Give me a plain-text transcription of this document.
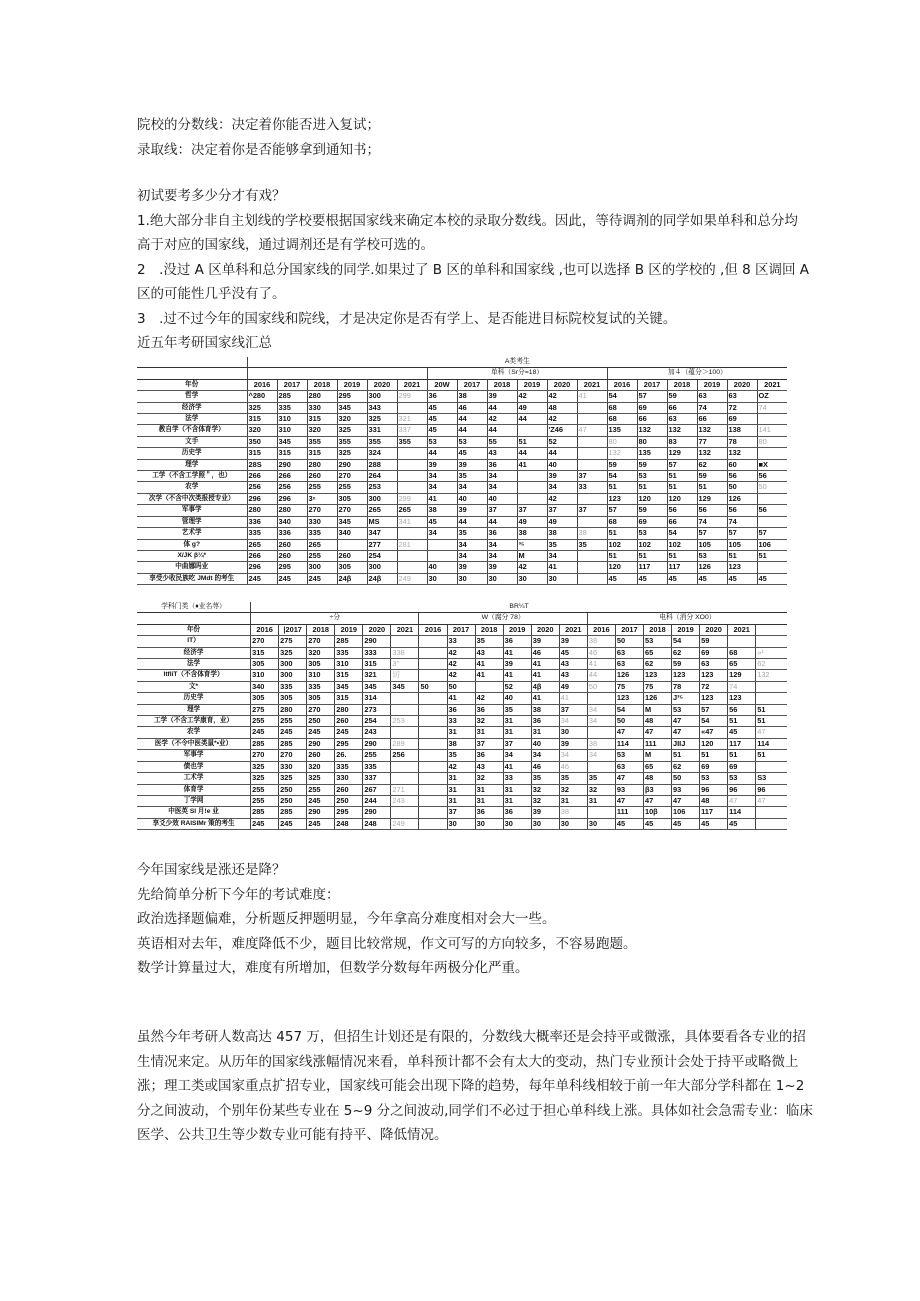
院校的分数线：决定着你能否进入复试；
录取线：决定着你是否能够拿到通知书；
初试要考多少分才有戏？
1.绝大部分非自主划线的学校要根据国家线来确定本校的录取分数线。因此，等待调剂的同学如果单科和总分均
高于对应的国家线，通过调剂还是有学校可选的。
2　.没过 A 区单科和总分国家线的同学.如果过了 B 区的单科和国家线 ,也可以选择 B 区的学校的 ,但 8 区调回 A
区的可能性几乎没有了。
3　.过不过今年的国家线和院线，才是决定你是否有学上、是否能进目标院校复试的关键。
近五年考研国家线汇总
	A类考生																	
							单科（Sr分=18）						加４（蕴分＞100）					
年份	2016	2017	2018	2019	2020	2021	20W	2017	2018	2019	2020	2021	2016	2017	2018	2019	2020	2021
哲学	^280	285	280	295	300	299	36	38	39	42	42	41	54	57	59	63	63	OZ
经济学	325	335	330	345	343		45	46	44	49	48		68	69	66	74	72	74
法学	315	310	315	320	325	321	45	44	42	44	42		68	66	63	66	69	
教自学（不含体育学）	320	310	320	325	331	337	45	44	44		'Z46	47	135	132	132	132	138	141
文手	350	345	355	355	355	355	53	53	55	51	52		80	80	83	77	78	80
历史学	315	315	315	325	324		44	45	43	44	44		132	135	129	132	132	
理学	28S	290	280	290	288		39	39	36	41	40		59	59	57	62	60	■X
工学（不含工学照＂，也）	266	266	260	270	264		34	35	34		39	37	54	53	51	59	56	56
农学	256	256	255	255	253		34	34	34		34	33	51	51	51	51	50	50
次学（不含中次类报授专业）	296	296	3ⁿ	305	300	299	41	40	40		42		123	120	120	129	126	
军事学	280	280	270	270	265	265	38	39	37	37	37	37	57	59	56	56	56	56
管理学	336	340	330	345	MS	341	45	44	44	49	49		68	69	66	74	74	
艺术学	335	336	335	340	347		34	35	36	38	38	38	51	53	54	57	57	57
体 g?	265	260	265		277	281		34	34	³⁵	35	35	102	102	102	105	105	106
X/JK β¼*	266	260	255	260	254			34	34	M	34		51	51	51	53	51	51
中曲娜吗业	296	295	300	305	300		40	39	39	42	41		120	117	117	126	123	
享受少收民族吃 JMdt 的考生	245	245	245	24β	24β	249	30	30	30	30	30		45	45	45	45	45	45
学科门类（♦业名荨）	BR¼T																		
	÷分						W（腐分 78）						电科（消分 XO0）						
年份	2016	|2017	2018	2019	2020	2021	2016	2017	2018	2019	2020	2021	2016	2017	2018	2019	2020	2021	
IT）	270	275	270	285	290			33	35	36	39	39	38	50	53	54	59		
经济学	315	325	320	335	333	338		42	43	41	46	45	46	63	65	62	69	68	»¹
法学	305	300	305	310	315	3''		42	41	39	41	43	41	63	62	59	63	65	62
ItfliT（不含体育学）	310	300	310	315	321	切		42	41	41	41	43	44	126	123	123	123	129	132
文*	340	335	335	345	345	345	50	50		52	4β	49	50	75	75	78	72	74	
历史学	305	305	305	315	314			41	42	40	41	41		123	126	J³⁵	123	123	
理学	275	280	270	280	273			36	36	35	38	37	34	54	M	53	57	56	51
工学（不含工学康育，业）	255	255	250	260	254	253		33	32	31	36	34	34	50	48	47	54	51	51
农学	245	245	245	245	243			31	31	31	31	30		47	47	47	«47	45	47
医学（不令中医类鼠*•业）	285	285	290	295	290	289		38	37	37	40	39	38	114	111	JIIJ	120	117	114
军事学	270	270	260	26.	255	256		35	36	34	34	34	34	53	M	51	51	51	51
债也学	325	330	320	335	335			42	43	41	46	46		63	65	62	69	69	
工术学	325	325	325	330	337			31	32	33	35	35	35	47	48	50	53	53	S3
体育学	255	250	255	260	267	271		31	31	31	32	32	32	93	β3	93	96	96	96
丁学网	255	250	245	250	244	243		31	31	31	32	31	31	47	47	47	48	47	47
中医英 SI 月!e 业	285	285	290	295	290			37	36	36	39	38		111	10β	106	117	114	
享爻少效 RAISIMr 策的考生	245	245	245	248	248	249		30	30	30	30	30	30	45	45	45	45	45	
今年国家线是涨还是降？
先给简单分析下今年的考试难度：
政治选择题偏难，分析题反押题明显，今年拿高分难度相对会大一些。
英语相对去年，难度降低不少，题目比较常规，作文可写的方向较多，不容易跑题。
数学计算量过大，难度有所增加，但数学分数每年两极分化严重。
虽然今年考研人数高达 457 万，但招生计划还是有限的，分数线大概率还是会持平或微涨，具体要看各专业的招
生情况来定。从历年的国家线涨幅情况来看，单科预计都不会有太大的变动，热门专业预计会处于持平或略微上
涨；理工类或国家重点扩招专业，国家线可能会出现下降的趋势，每年单科线相较于前一年大部分学科都在 1~2
分之间波动，个别年份某些专业在 5~9 分之间波动,同学们不必过于担心单科线上涨。具体如社会急需专业：临床
医学、公共卫生等少数专业可能有持平、降低情况。
